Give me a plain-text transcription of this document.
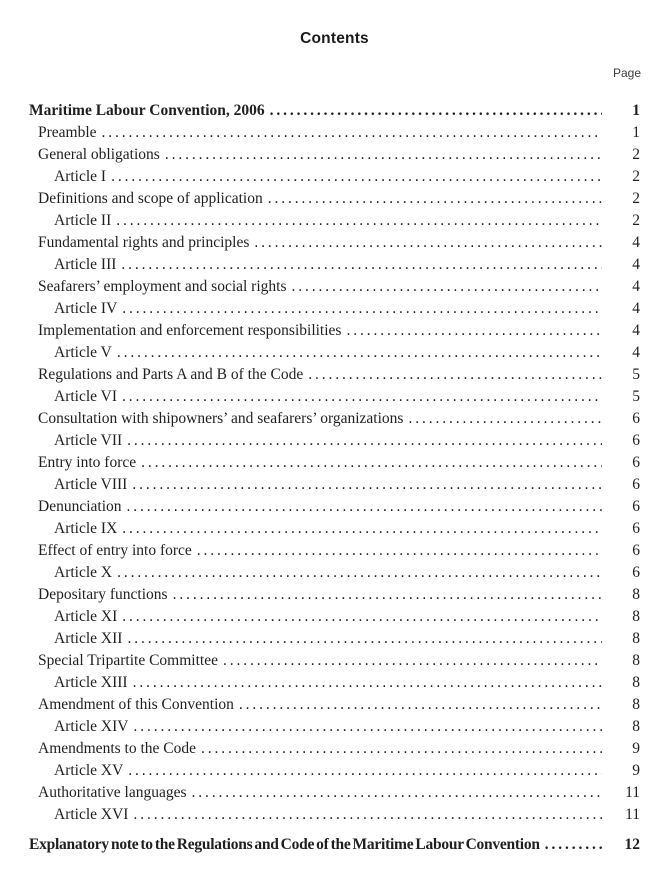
Contents
Page
Maritime Labour Convention, 2006 . . .	1
Preamble . . .	1
General obligations . . .	2
Article I . . .	2
Definitions and scope of application . . .	2
Article II . . .	2
Fundamental rights and principles . . .	4
Article III . . .	4
Seafarers’ employment and social rights . . .	4
Article IV . . .	4
Implementation and enforcement responsibilities . . .	4
Article V . . .	4
Regulations and Parts A and B of the Code . . .	5
Article VI . . .	5
Consultation with shipowners’ and seafarers’ organizations . . .	6
Article VII . . .	6
Entry into force . . .	6
Article VIII . . .	6
Denunciation . . .	6
Article IX . . .	6
Effect of entry into force . . .	6
Article X . . .	6
Depositary functions . . .	8
Article XI . . .	8
Article XII . . .	8
Special Tripartite Committee . . .	8
Article XIII . . .	8
Amendment of this Convention . . .	8
Article XIV . . .	8
Amendments to the Code . . .	9
Article XV . . .	9
Authoritative languages . . .	11
Article XVI . . .	11
Explanatory note to the Regulations and Code of the Maritime Labour Convention . . .	12
